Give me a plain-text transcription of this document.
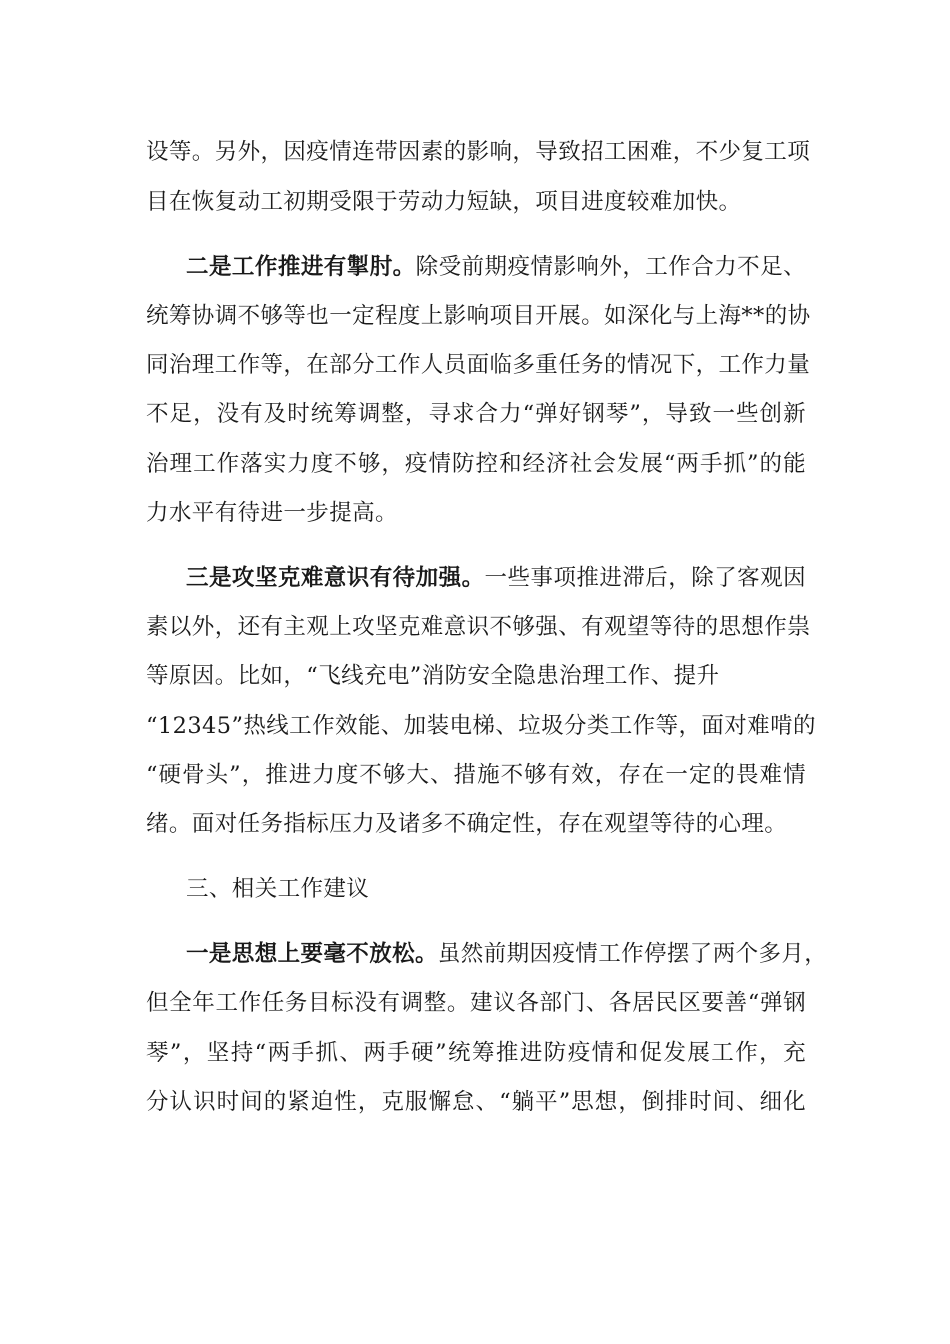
设等。另外，因疫情连带因素的影响，导致招工困难，不少复工项
目在恢复动工初期受限于劳动力短缺，项目进度较难加快。
二是工作推进有掣肘。除受前期疫情影响外，工作合力不足、
统筹协调不够等也一定程度上影响项目开展。如深化与上海**的协
同治理工作等，在部分工作人员面临多重任务的情况下，工作力量
不足，没有及时统筹调整，寻求合力“弹好钢琴”，导致一些创新
治理工作落实力度不够，疫情防控和经济社会发展“两手抓”的能
力水平有待进一步提高。
三是攻坚克难意识有待加强。一些事项推进滞后，除了客观因
素以外，还有主观上攻坚克难意识不够强、有观望等待的思想作祟
等原因。比如，“飞线充电”消防安全隐患治理工作、提升
“12345”热线工作效能、加装电梯、垃圾分类工作等，面对难啃的
“硬骨头”，推进力度不够大、措施不够有效，存在一定的畏难情
绪。面对任务指标压力及诸多不确定性，存在观望等待的心理。
三、相关工作建议
一是思想上要毫不放松。虽然前期因疫情工作停摆了两个多月，
但全年工作任务目标没有调整。建议各部门、各居民区要善“弹钢
琴”，坚持“两手抓、两手硬”统筹推进防疫情和促发展工作，充
分认识时间的紧迫性，克服懈怠、“躺平”思想，倒排时间、细化
